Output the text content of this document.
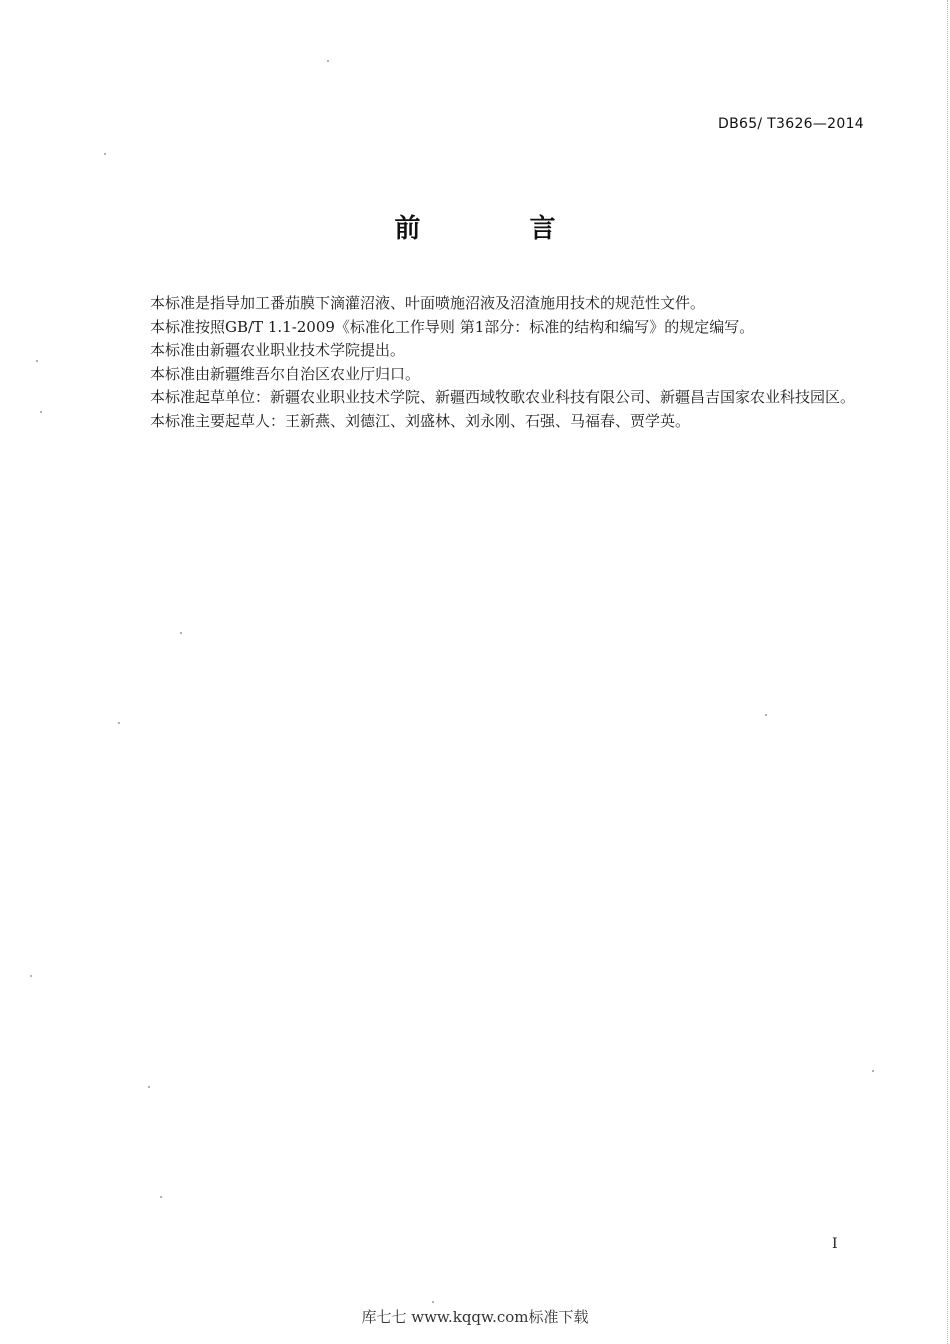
DB65/ T3626—2014
前 言

本标准是指导加工番茄膜下滴灌沼液、叶面喷施沼液及沼渣施用技术的规范性文件。

本标准按照GB/T 1.1-2009《标准化工作导则 第1部分：标准的结构和编写》的规定编写。

本标准由新疆农业职业技术学院提出。

本标准由新疆维吾尔自治区农业厅归口。

本标准起草单位：新疆农业职业技术学院、新疆西域牧歌农业科技有限公司、新疆昌吉国家农业科技园区。

本标准主要起草人：王新燕、刘德江、刘盛林、刘永刚、石强、马福春、贾学英。

I
库七七 www.kqqw.com标准下载
